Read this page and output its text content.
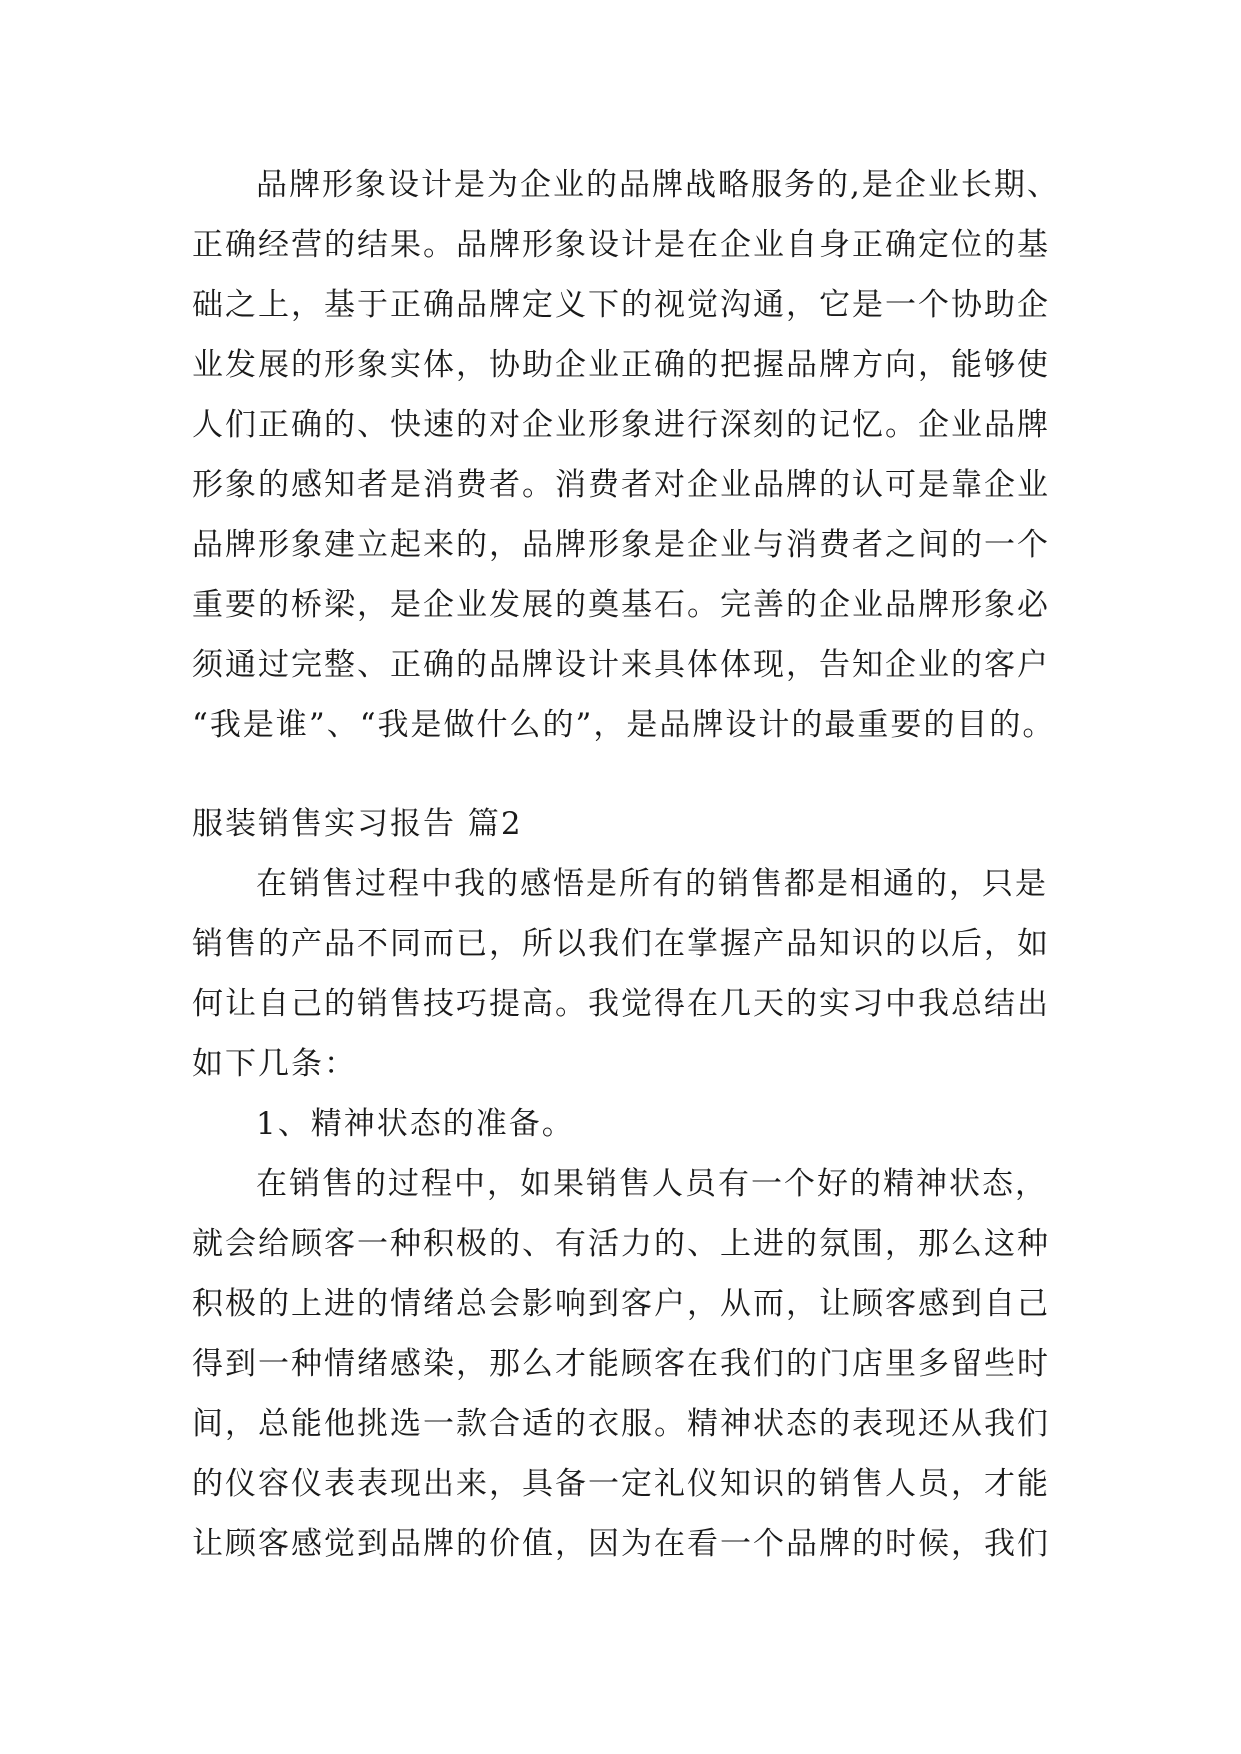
品牌形象设计是为企业的品牌战略服务的,是企业长期、
正确经营的结果。品牌形象设计是在企业自身正确定位的基
础之上，基于正确品牌定义下的视觉沟通，它是一个协助企
业发展的形象实体，协助企业正确的把握品牌方向，能够使
人们正确的、快速的对企业形象进行深刻的记忆。企业品牌
形象的感知者是消费者。消费者对企业品牌的认可是靠企业
品牌形象建立起来的，品牌形象是企业与消费者之间的一个
重要的桥梁，是企业发展的奠基石。完善的企业品牌形象必
须通过完整、正确的品牌设计来具体体现，告知企业的客户
“我是谁”、“我是做什么的”，是品牌设计的最重要的目的。
服装销售实习报告 篇2
在销售过程中我的感悟是所有的销售都是相通的，只是
销售的产品不同而已，所以我们在掌握产品知识的以后，如
何让自己的销售技巧提高。我觉得在几天的实习中我总结出
如下几条：
1、精神状态的准备。
在销售的过程中，如果销售人员有一个好的精神状态，
就会给顾客一种积极的、有活力的、上进的氛围，那么这种
积极的上进的情绪总会影响到客户，从而，让顾客感到自己
得到一种情绪感染，那么才能顾客在我们的门店里多留些时
间，总能他挑选一款合适的衣服。精神状态的表现还从我们
的仪容仪表表现出来，具备一定礼仪知识的销售人员，才能
让顾客感觉到品牌的价值，因为在看一个品牌的时候，我们
